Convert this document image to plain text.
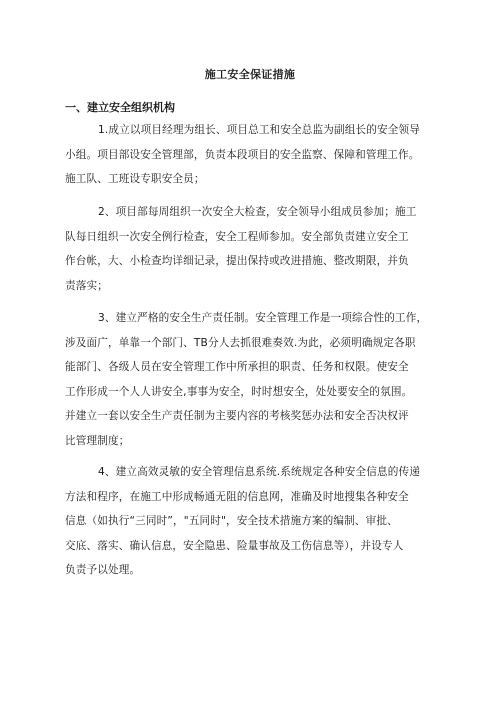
施工安全保证措施
一、建立安全组织机构
1.成立以项目经理为组长、项目总工和安全总监为副组长的安全领导
小组。项目部设安全管理部，负责本段项目的安全监察、保障和管理工作。
施工队、工班设专职安全员；
2、项目部每周组织一次安全大检查，安全领导小组成员参加；施工
队每日组织一次安全例行检查，安全工程师参加。安全部负责建立安全工
作台帐，大、小检查均详细记录，提出保持或改进措施、整改期限，并负
责落实；
3、建立严格的安全生产责任制。安全管理工作是一项综合性的工作，
涉及面广，单靠一个部门、TB分人去抓很难奏效.为此，必须明确规定各职
能部门、各级人员在安全管理工作中所承担的职责、任务和权限。使安全
工作形成一个人人讲安全,事事为安全，时时想安全，处处要安全的氛围。
并建立一套以安全生产责任制为主要内容的考核奖惩办法和安全否决权评
比管理制度；
4、建立高效灵敏的安全管理信息系统.系统规定各种安全信息的传递
方法和程序，在施工中形成畅通无阻的信息网，准确及时地搜集各种安全
信息（如执行“三同时”，"五同时"，安全技术措施方案的编制、审批、
交底、落实、确认信息，安全隐患、险量事故及工伤信息等），并设专人
负责予以处理。
